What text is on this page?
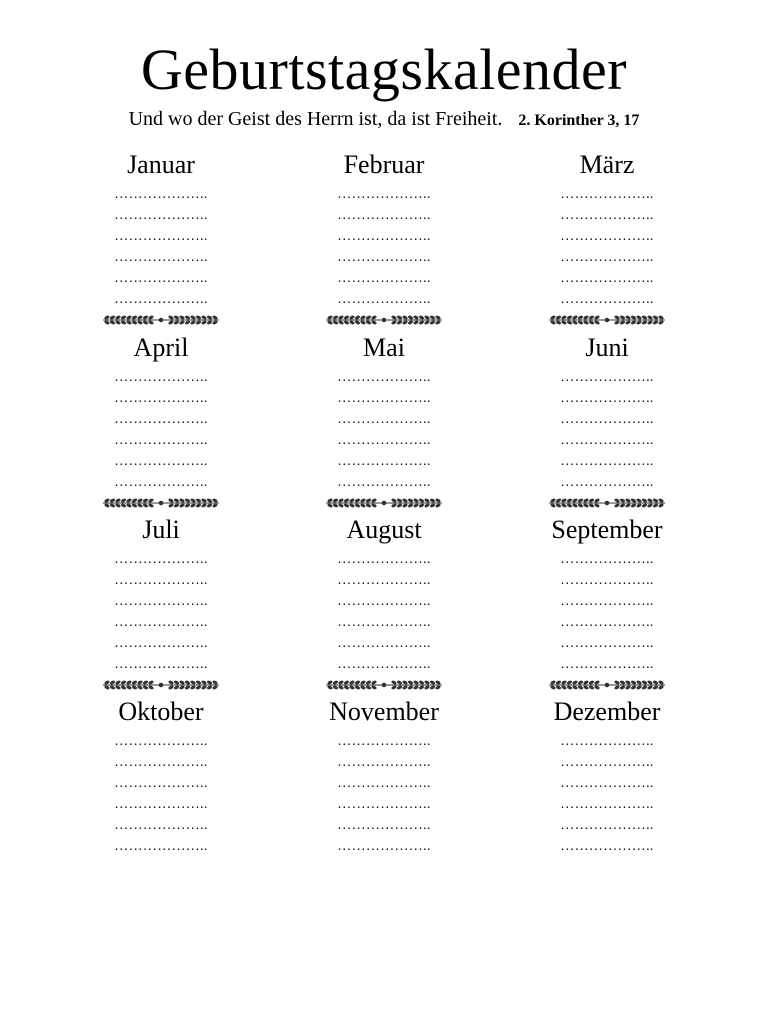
Geburtstagskalender
Und wo der Geist des Herrn ist, da ist Freiheit. 2. Korinther 3, 17
Januar
………………..
………………..
………………..
………………..
………………..
………………..
Februar
………………..
………………..
………………..
………………..
………………..
………………..
März
………………..
………………..
………………..
………………..
………………..
………………..
April
………………..
………………..
………………..
………………..
………………..
………………..
Mai
………………..
………………..
………………..
………………..
………………..
………………..
Juni
………………..
………………..
………………..
………………..
………………..
………………..
Juli
………………..
………………..
………………..
………………..
………………..
………………..
August
………………..
………………..
………………..
………………..
………………..
………………..
September
………………..
………………..
………………..
………………..
………………..
………………..
Oktober
………………..
………………..
………………..
………………..
………………..
………………..
November
………………..
………………..
………………..
………………..
………………..
………………..
Dezember
………………..
………………..
………………..
………………..
………………..
………………..
